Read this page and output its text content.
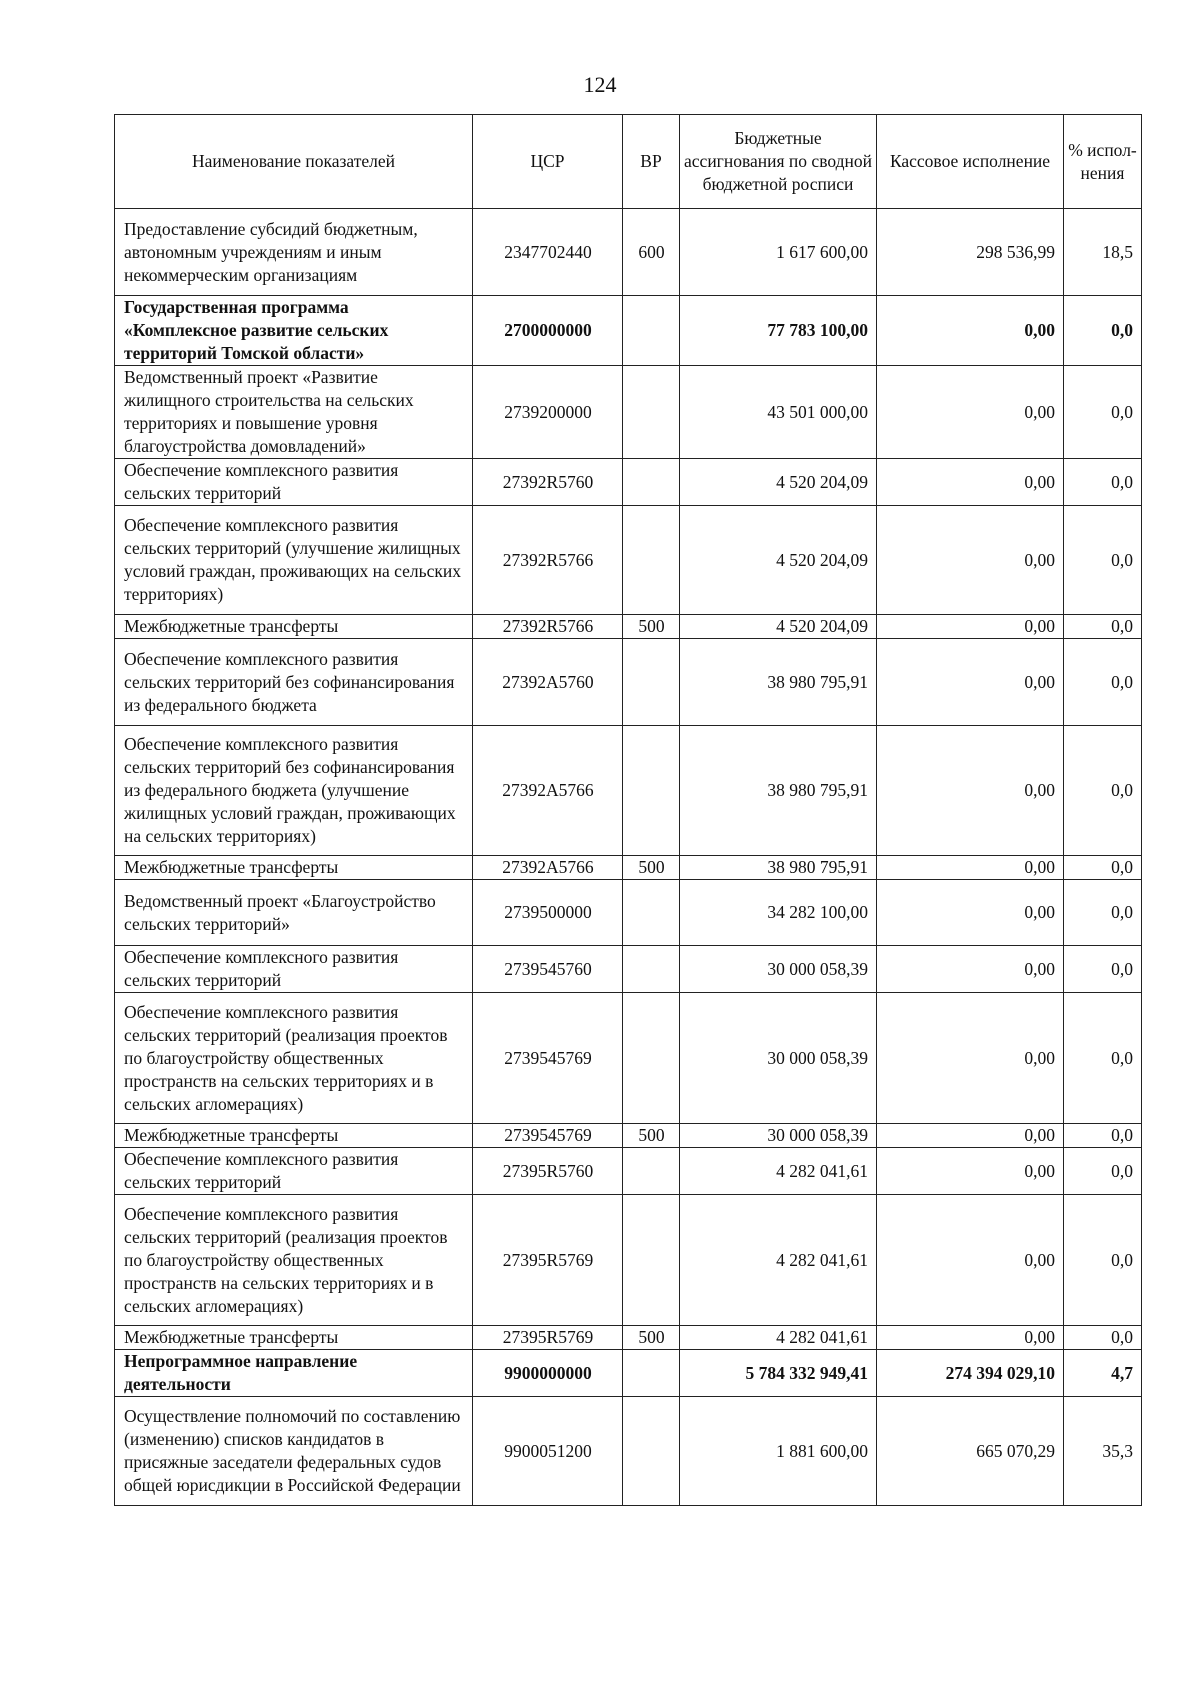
124
Наименование показателей	ЦСР	ВР	Бюджетные ассигнования по сводной бюджетной росписи	Кассовое исполнение	% испол-нения
Предоставление субсидий бюджетным, автономным учреждениям и иным некоммерческим организациям	2347702440	600	1 617 600,00	298 536,99	18,5
Государственная программа «Комплексное развитие сельских территорий Томской области»	2700000000		77 783 100,00	0,00	0,0
Ведомственный проект «Развитие жилищного строительства на сельских территориях и повышение уровня благоустройства домовладений»	2739200000		43 501 000,00	0,00	0,0
Обеспечение комплексного развития сельских территорий	27392R5760		4 520 204,09	0,00	0,0
Обеспечение комплексного развития сельских территорий (улучшение жилищных условий граждан, проживающих на сельских территориях)	27392R5766		4 520 204,09	0,00	0,0
Межбюджетные трансферты	27392R5766	500	4 520 204,09	0,00	0,0
Обеспечение комплексного развития сельских территорий без софинансирования из федерального бюджета	27392A5760		38 980 795,91	0,00	0,0
Обеспечение комплексного развития сельских территорий без софинансирования из федерального бюджета (улучшение жилищных условий граждан, проживающих на сельских территориях)	27392A5766		38 980 795,91	0,00	0,0
Межбюджетные трансферты	27392A5766	500	38 980 795,91	0,00	0,0
Ведомственный проект «Благоустройство сельских территорий»	2739500000		34 282 100,00	0,00	0,0
Обеспечение комплексного развития сельских территорий	2739545760		30 000 058,39	0,00	0,0
Обеспечение комплексного развития сельских территорий (реализация проектов по благоустройству общественных пространств на сельских территориях и в сельских агломерациях)	2739545769		30 000 058,39	0,00	0,0
Межбюджетные трансферты	2739545769	500	30 000 058,39	0,00	0,0
Обеспечение комплексного развития сельских территорий	27395R5760		4 282 041,61	0,00	0,0
Обеспечение комплексного развития сельских территорий (реализация проектов по благоустройству общественных пространств на сельских территориях и в сельских агломерациях)	27395R5769		4 282 041,61	0,00	0,0
Межбюджетные трансферты	27395R5769	500	4 282 041,61	0,00	0,0
Непрограммное направление деятельности	9900000000		5 784 332 949,41	274 394 029,10	4,7
Осуществление полномочий по составлению (изменению) списков кандидатов в присяжные заседатели федеральных судов общей юрисдикции в Российской Федерации	9900051200		1 881 600,00	665 070,29	35,3
